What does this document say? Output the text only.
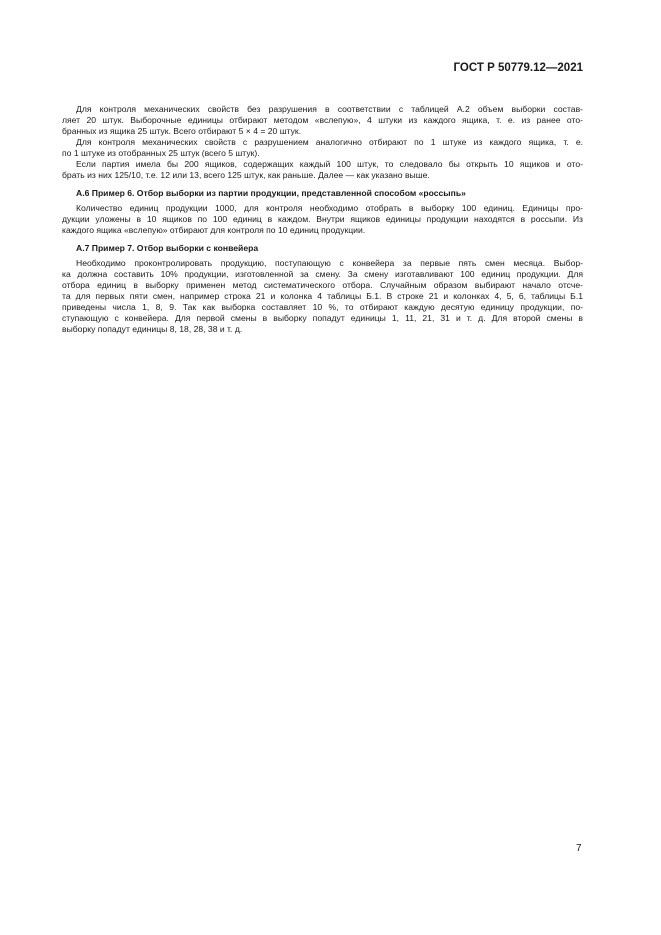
ГОСТ Р 50779.12—2021
Для контроля механических свойств без разрушения в соответствии с таблицей А.2 объем выборки состав-
ляет 20 штук. Выборочные единицы отбирают методом «вслепую», 4 штуки из каждого ящика, т. е. из ранее ото-
бранных из ящика 25 штук. Всего отбирают 5 × 4 = 20 штук.
Для контроля механических свойств с разрушением аналогично отбирают по 1 штуке из каждого ящика, т. е.
по 1 штуке из отобранных 25 штук (всего 5 штук).
Если партия имела бы 200 ящиков, содержащих каждый 100 штук, то следовало бы открыть 10 ящиков и ото-
брать из них 125/10, т.е. 12 или 13, всего 125 штук, как раньше. Далее — как указано выше.
А.6 Пример 6. Отбор выборки из партии продукции, представленной способом «россыпь»
Количество единиц продукции 1000, для контроля необходимо отобрать в выборку 100 единиц. Единицы про-
дукции уложены в 10 ящиков по 100 единиц в каждом. Внутри ящиков единицы продукции находятся в россыпи. Из
каждого ящика «вслепую» отбирают для контроля по 10 единиц продукции.
А.7 Пример 7. Отбор выборки с конвейера
Необходимо проконтролировать продукцию, поступающую с конвейера за первые пять смен месяца. Выбор-
ка должна составить 10% продукции, изготовленной за смену. За смену изготавливают 100 единиц продукции. Для
отбора единиц в выборку применен метод систематического отбора. Случайным образом выбирают начало отсче-
та для первых пяти смен, например строка 21 и колонка 4 таблицы Б.1. В строке 21 и колонках 4, 5, 6, таблицы Б.1
приведены числа 1, 8, 9. Так как выборка составляет 10 %, то отбирают каждую десятую единицу продукции, по-
ступающую с конвейера. Для первой смены в выборку попадут единицы 1, 11, 21, 31 и т. д. Для второй смены в
выборку попадут единицы 8, 18, 28, 38 и т. д.
7
